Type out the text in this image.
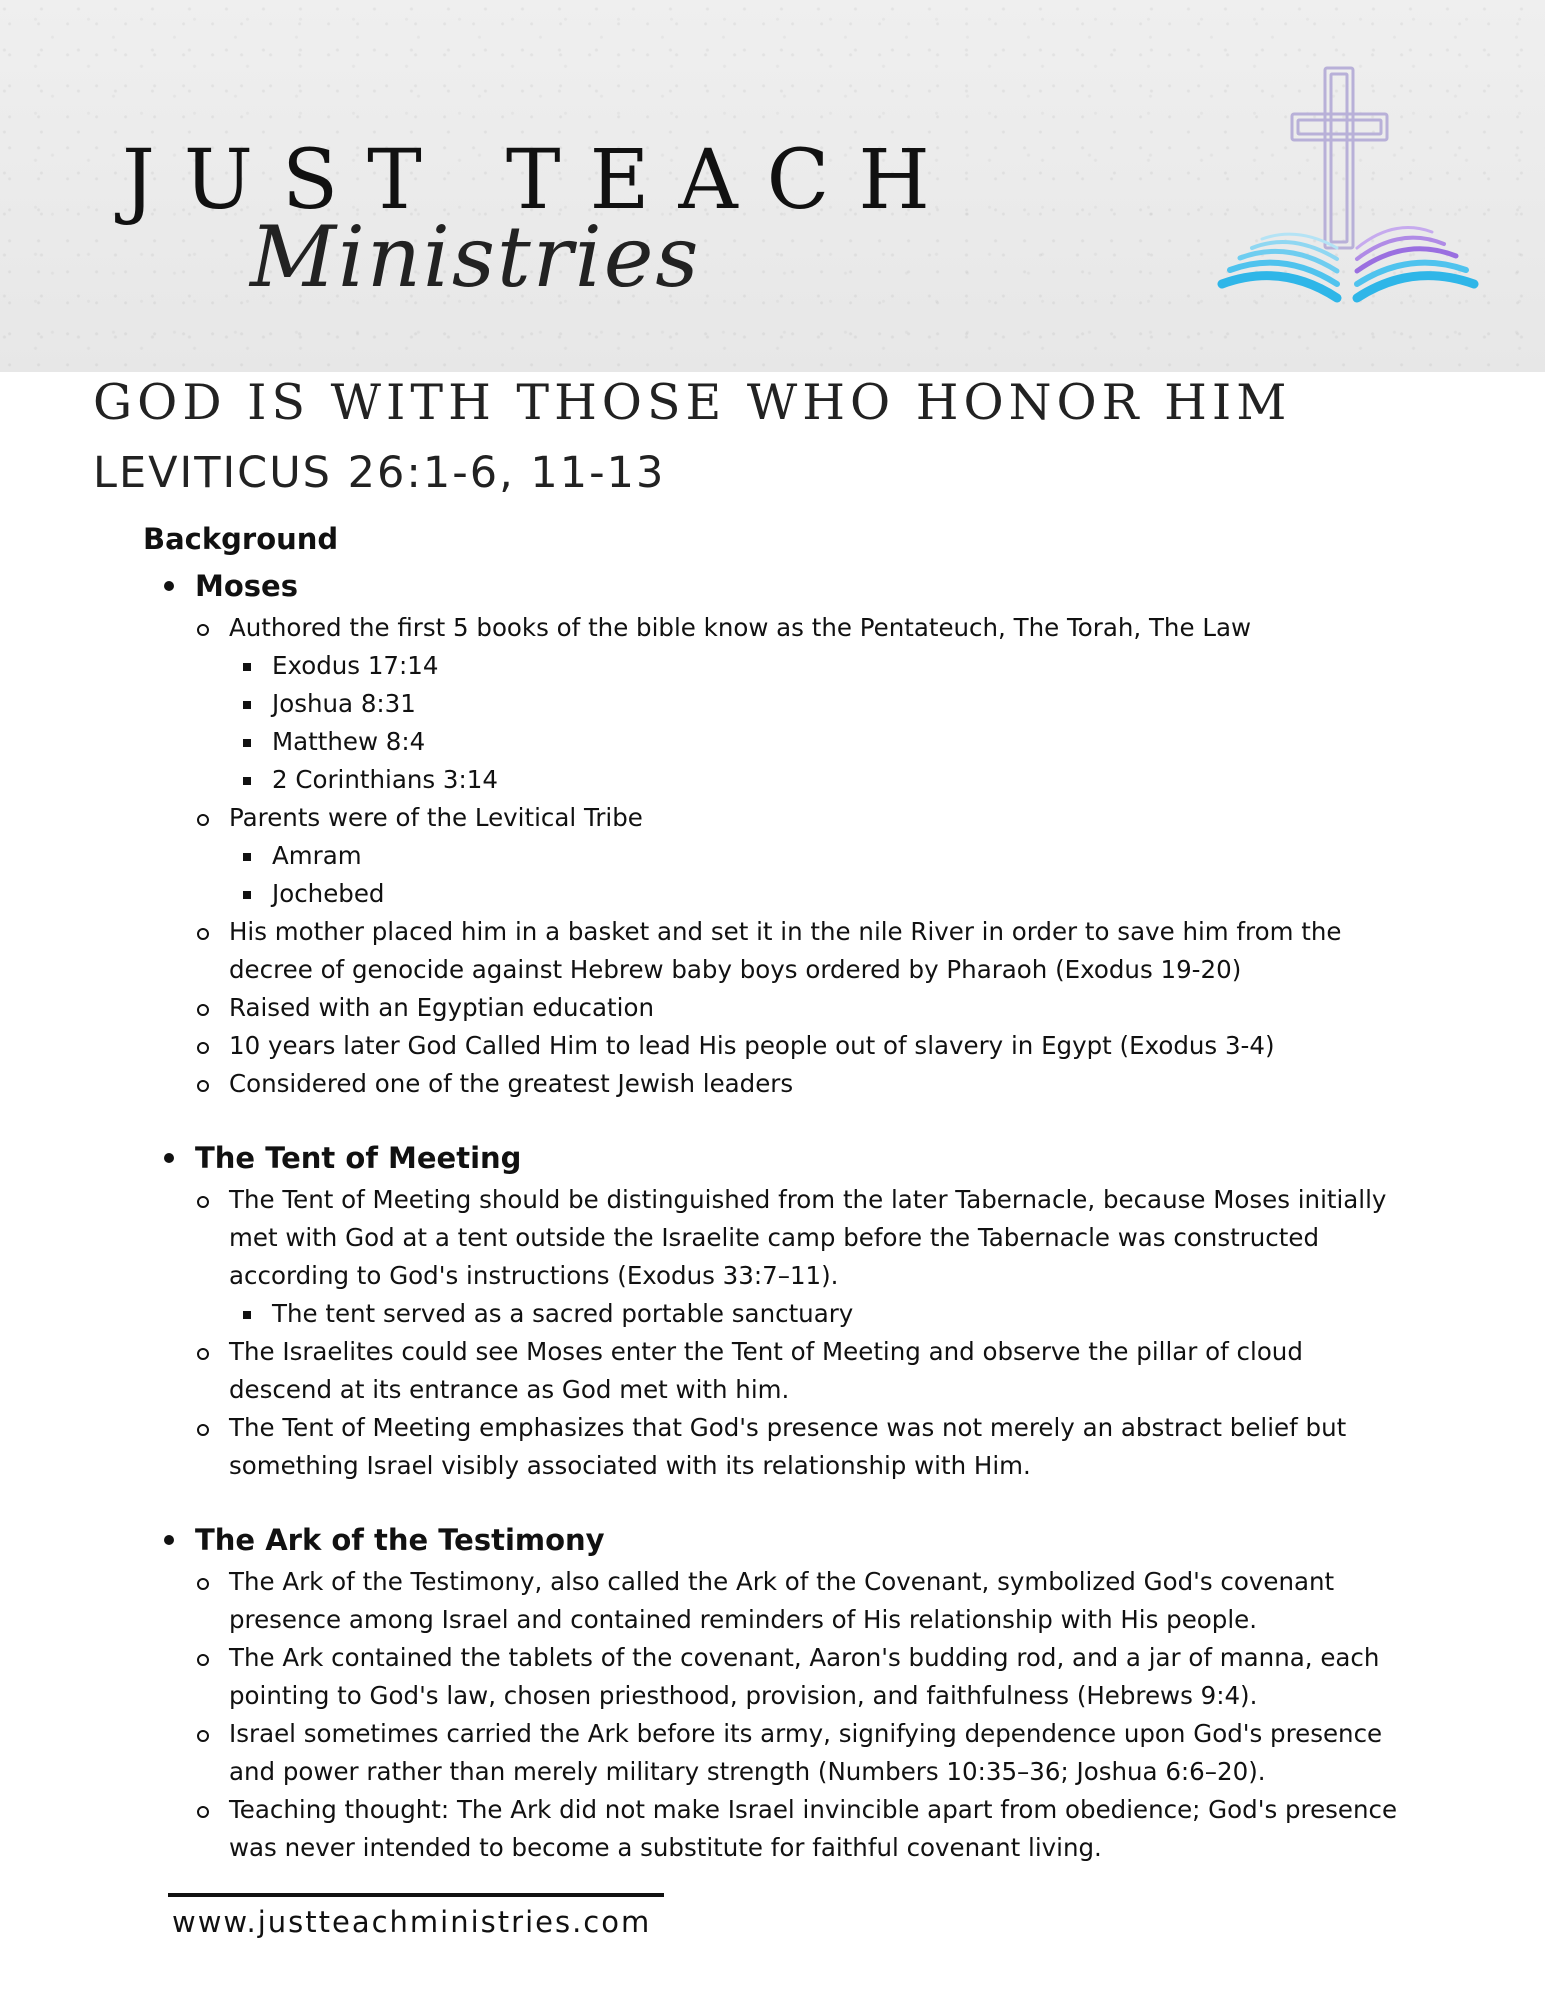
JUST TEACH
Ministries
GOD IS WITH THOSE WHO HONOR HIM
LEVITICUS 26:1-6, 11-13
Background
Moses
Authored the first 5 books of the bible know as the Pentateuch, The Torah, The Law
Exodus 17:14
Joshua 8:31
Matthew 8:4
2 Corinthians 3:14
Parents were of the Levitical Tribe
Amram
Jochebed
His mother placed him in a basket and set it in the nile River in order to save him from the decree of genocide against Hebrew baby boys ordered by Pharaoh (Exodus 19-20)
Raised with an Egyptian education
10 years later God Called Him to lead His people out of slavery in Egypt (Exodus 3-4)
Considered one of the greatest Jewish leaders
The Tent of Meeting
The Tent of Meeting should be distinguished from the later Tabernacle, because Moses initially met with God at a tent outside the Israelite camp before the Tabernacle was constructed according to God's instructions (Exodus 33:7–11).
The tent served as a sacred portable sanctuary
The Israelites could see Moses enter the Tent of Meeting and observe the pillar of cloud descend at its entrance as God met with him.
The Tent of Meeting emphasizes that God's presence was not merely an abstract belief but something Israel visibly associated with its relationship with Him.
The Ark of the Testimony
The Ark of the Testimony, also called the Ark of the Covenant, symbolized God's covenant presence among Israel and contained reminders of His relationship with His people.
The Ark contained the tablets of the covenant, Aaron's budding rod, and a jar of manna, each pointing to God's law, chosen priesthood, provision, and faithfulness (Hebrews 9:4).
Israel sometimes carried the Ark before its army, signifying dependence upon God's presence and power rather than merely military strength (Numbers 10:35–36; Joshua 6:6–20).
Teaching thought: The Ark did not make Israel invincible apart from obedience; God's presence was never intended to become a substitute for faithful covenant living.
www.justteachministries.com
